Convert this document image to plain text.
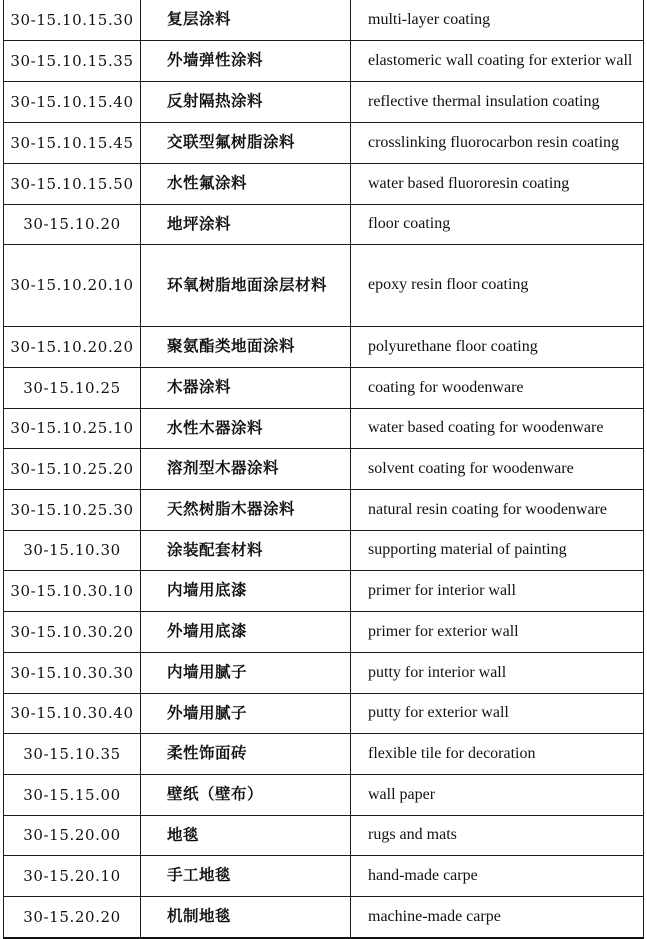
30-15.10.15.30	复层涂料	multi-layer coating
30-15.10.15.35	外墙弹性涂料	elastomeric wall coating for exterior wall
30-15.10.15.40	反射隔热涂料	reflective thermal insulation coating
30-15.10.15.45	交联型氟树脂涂料	crosslinking fluorocarbon resin coating
30-15.10.15.50	水性氟涂料	water based fluororesin coating
30-15.10.20	地坪涂料	floor coating
30-15.10.20.10	环氧树脂地面涂层材料	epoxy resin floor coating
30-15.10.20.20	聚氨酯类地面涂料	polyurethane floor coating
30-15.10.25	木器涂料	coating for woodenware
30-15.10.25.10	水性木器涂料	water based coating for woodenware
30-15.10.25.20	溶剂型木器涂料	solvent coating for woodenware
30-15.10.25.30	天然树脂木器涂料	natural resin coating for woodenware
30-15.10.30	涂装配套材料	supporting material of painting
30-15.10.30.10	内墙用底漆	primer for interior wall
30-15.10.30.20	外墙用底漆	primer for exterior wall
30-15.10.30.30	内墙用腻子	putty for interior wall
30-15.10.30.40	外墙用腻子	putty for exterior wall
30-15.10.35	柔性饰面砖	flexible tile for decoration
30-15.15.00	壁纸（壁布）	wall paper
30-15.20.00	地毯	rugs and mats
30-15.20.10	手工地毯	hand-made carpe
30-15.20.20	机制地毯	machine-made carpe
